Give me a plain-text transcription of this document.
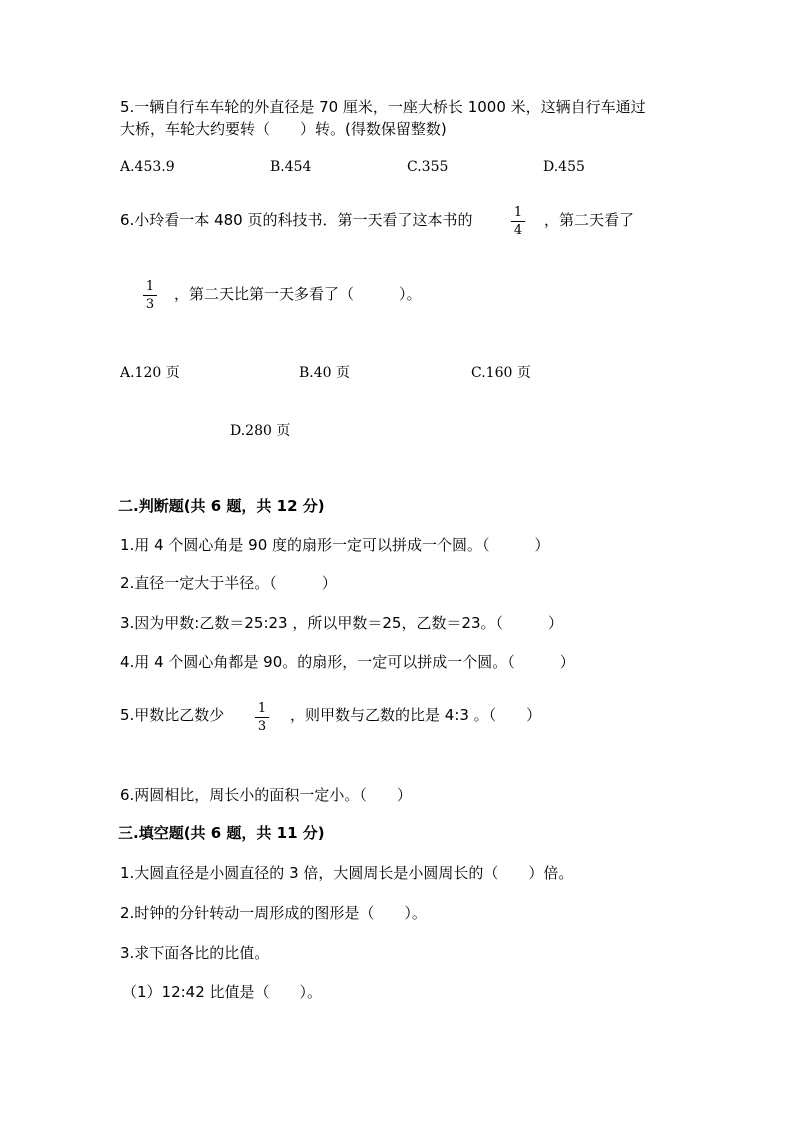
5.一辆自行车车轮的外直径是 70 厘米，一座大桥长 1000 米，这辆自行车通过
大桥，车轮大约要转（　　）转。(得数保留整数)
A.453.9	B.454	C.355	D.455
6.小玲看一本 480 页的科技书．第一天看了这本书的	1
4
，第二天看了
1
3
，第二天比第一天多看了（　　　）。
A.120 页	B.40 页	C.160 页
D.280 页
二.判断题(共 6 题，共 12 分)
1.用 4 个圆心角是 90 度的扇形一定可以拼成一个圆。（　　　）
2.直径一定大于半径。（　　　）
3.因为甲数:乙数＝25:23 ，所以甲数＝25，乙数＝23。（　　　）
4.用 4 个圆心角都是 90。的扇形，一定可以拼成一个圆。（　　　）
5.甲数比乙数少	1
3
，则甲数与乙数的比是 4:3 。（　　）
6.两圆相比，周长小的面积一定小。（　　）
三.填空题(共 6 题，共 11 分)
1.大圆直径是小圆直径的 3 倍，大圆周长是小圆周长的（　　）倍。
2.时钟的分针转动一周形成的图形是（　　）。
3.求下面各比的比值。
（1）12:42 比值是（　　）。
